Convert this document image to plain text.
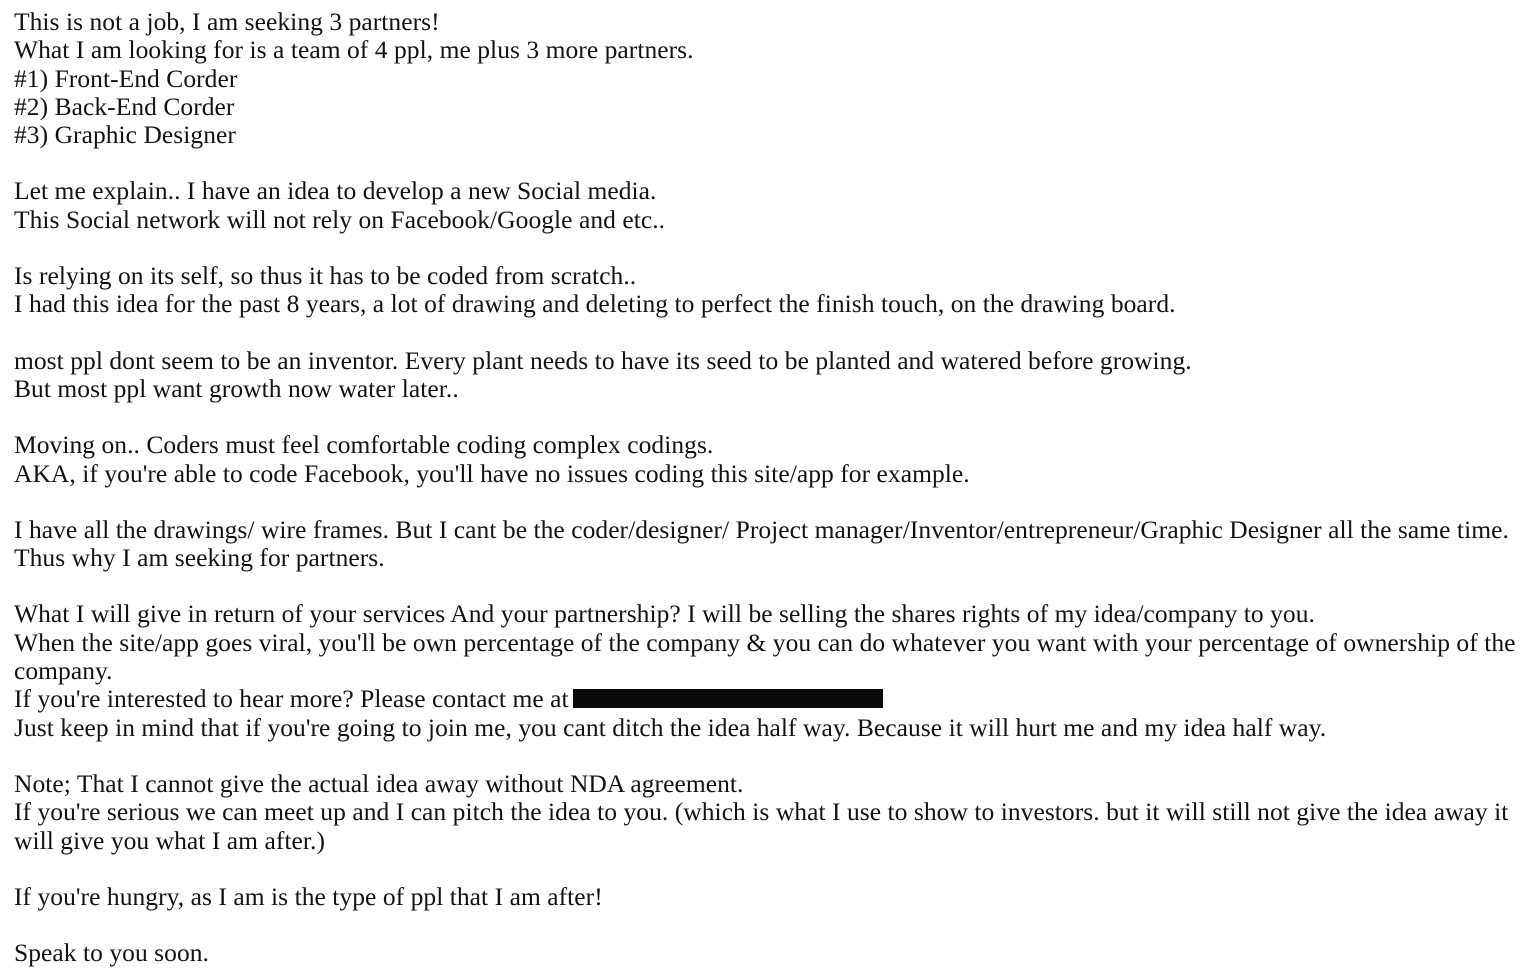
This is not a job, I am seeking 3 partners!
What I am looking for is a team of 4 ppl, me plus 3 more partners.
#1) Front-End Corder
#2) Back-End Corder
#3) Graphic Designer
Let me explain.. I have an idea to develop a new Social media.
This Social network will not rely on Facebook/Google and etc..
Is relying on its self, so thus it has to be coded from scratch..
I had this idea for the past 8 years, a lot of drawing and deleting to perfect the finish touch, on the drawing board.
most ppl dont seem to be an inventor. Every plant needs to have its seed to be planted and watered before growing.
But most ppl want growth now water later..
Moving on.. Coders must feel comfortable coding complex codings.
AKA, if you're able to code Facebook, you'll have no issues coding this site/app for example.
I have all the drawings/ wire frames. But I cant be the coder/designer/ Project manager/Inventor/entrepreneur/Graphic Designer all the same time. Thus why I am seeking for partners.
What I will give in return of your services And your partnership? I will be selling the shares rights of my idea/company to you.
When the site/app goes viral, you'll be own percentage of the company & you can do whatever you want with your percentage of ownership of the company.
If you're interested to hear more? Please contact me at
Just keep in mind that if you're going to join me, you cant ditch the idea half way. Because it will hurt me and my idea half way.
Note; That I cannot give the actual idea away without NDA agreement.
If you're serious we can meet up and I can pitch the idea to you. (which is what I use to show to investors. but it will still not give the idea away it will give you what I am after.)
If you're hungry, as I am is the type of ppl that I am after!
Speak to you soon.
